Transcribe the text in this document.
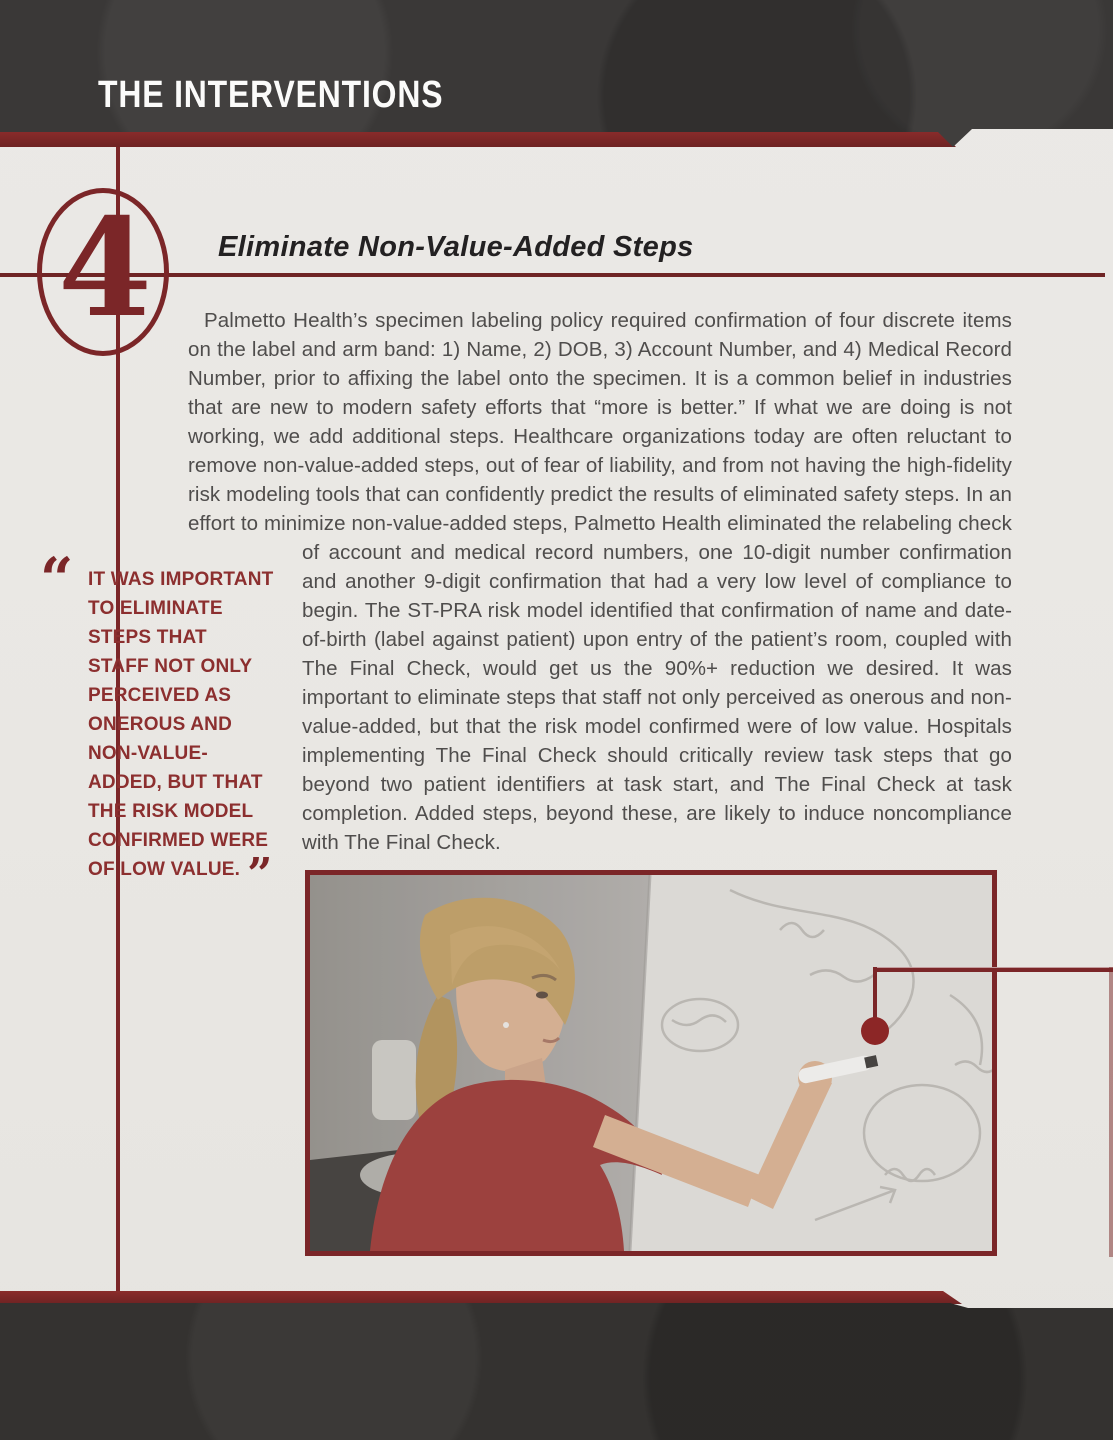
THE INTERVENTIONS
4 Eliminate Non-Value-Added Steps

Palmetto Health’s specimen labeling policy required confirmation of four discrete items on the label and arm band: 1) Name, 2) DOB, 3) Account Number, and 4) Medical Record Number, prior to affixing the label onto the specimen. It is a common belief in industries that are new to modern safety efforts that “more is better.” If what we are doing is not working, we add additional steps. Healthcare organizations today are often reluctant to remove non-value-added steps, out of fear of liability, and from not having the high-fidelity risk modeling tools that can confidently predict the results of eliminated safety steps. In an effort to minimize non-value-added steps, Palmetto Health eliminated the relabeling check of account and medical record numbers, one 10-digit number
“ IT WAS IMPORTANT
TO ELIMINATE
STEPS THAT
STAFF NOT ONLY
PERCEIVED AS
ONEROUS AND
NON-VALUE-
ADDED, BUT THAT
THE RISK MODEL
CONFIRMED WERE
OF LOW VALUE. ”
confirmation and another 9-digit confirmation that had a very low level of compliance to begin. The ST-PRA risk model identified that confirmation of name and date-of-birth (label against patient) upon entry of the patient’s room, coupled with The Final Check, would get us the 90%+ reduction we desired. It was important to eliminate steps that staff not only perceived as onerous and non-value-added, but that the risk model confirmed were of low value. Hospitals implementing The Final Check should critically review task steps that go beyond two patient identifiers at task start, and The Final Check at task completion. Added steps, beyond these, are likely to induce noncompliance with The Final Check.
